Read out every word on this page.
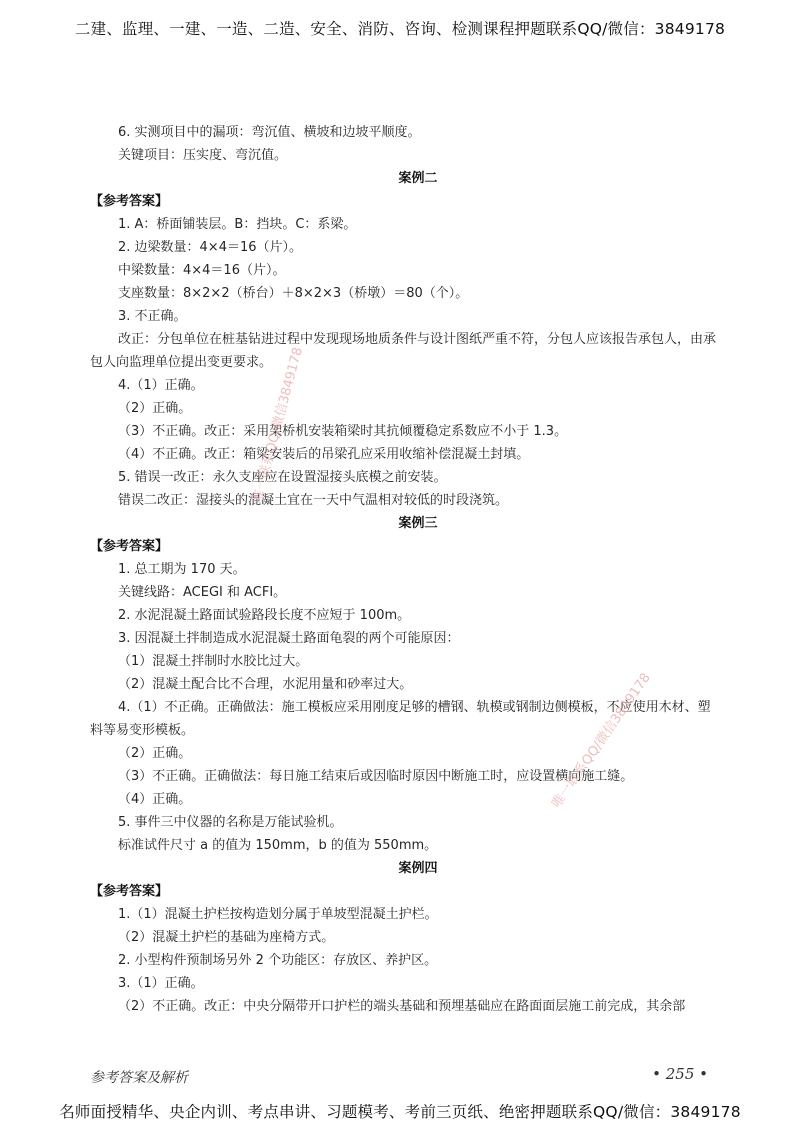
二建、监理、一建、一造、二造、安全、消防、咨询、检测课程押题联系QQ/微信：3849178

6. 实测项目中的漏项：弯沉值、横坡和边坡平顺度。

关键项目：压实度、弯沉值。

案例二

【参考答案】

1. A：桥面铺装层。B：挡块。C：系梁。

2. 边梁数量：4×4＝16（片）。

中梁数量：4×4＝16（片）。

支座数量：8×2×2（桥台）＋8×2×3（桥墩）＝80（个）。

3. 不正确。

改正：分包单位在桩基钻进过程中发现现场地质条件与设计图纸严重不符，分包人应该报告承包人，由承包人向监理单位提出变更要求。

4.（1）正确。

（2）正确。

（3）不正确。改正：采用架桥机安装箱梁时其抗倾覆稳定系数应不小于 1.3。

（4）不正确。改正：箱梁安装后的吊梁孔应采用收缩补偿混凝土封填。

5. 错误一改正：永久支座应在设置湿接头底模之前安装。

错误二改正：湿接头的混凝土宜在一天中气温相对较低的时段浇筑。

案例三

【参考答案】

1. 总工期为 170 天。

关键线路：ACEGI 和 ACFI。

2. 水泥混凝土路面试验路段长度不应短于 100m。

3. 因混凝土拌制造成水泥混凝土路面龟裂的两个可能原因：

（1）混凝土拌制时水胶比过大。

（2）混凝土配合比不合理，水泥用量和砂率过大。

4.（1）不正确。正确做法：施工模板应采用刚度足够的槽钢、轨模或钢制边侧模板，不应使用木材、塑料等易变形模板。

（2）正确。

（3）不正确。正确做法：每日施工结束后或因临时原因中断施工时，应设置横向施工缝。

（4）正确。

5. 事件三中仪器的名称是万能试验机。

标准试件尺寸 a 的值为 150mm，b 的值为 550mm。

案例四

【参考答案】

1.（1）混凝土护栏按构造划分属于单坡型混凝土护栏。

（2）混凝土护栏的基础为座椅方式。

2. 小型构件预制场另外 2 个功能区：存放区、养护区。

3.（1）正确。

（2）不正确。改正：中央分隔带开口护栏的端头基础和预埋基础应在路面面层施工前完成，其余部

唯一联系QQ/微信3849178
唯一联系QQ/微信3849178
参考答案及解析	• 255 •
名师面授精华、央企内训、考点串讲、习题模考、考前三页纸、绝密押题联系QQ/微信：3849178
